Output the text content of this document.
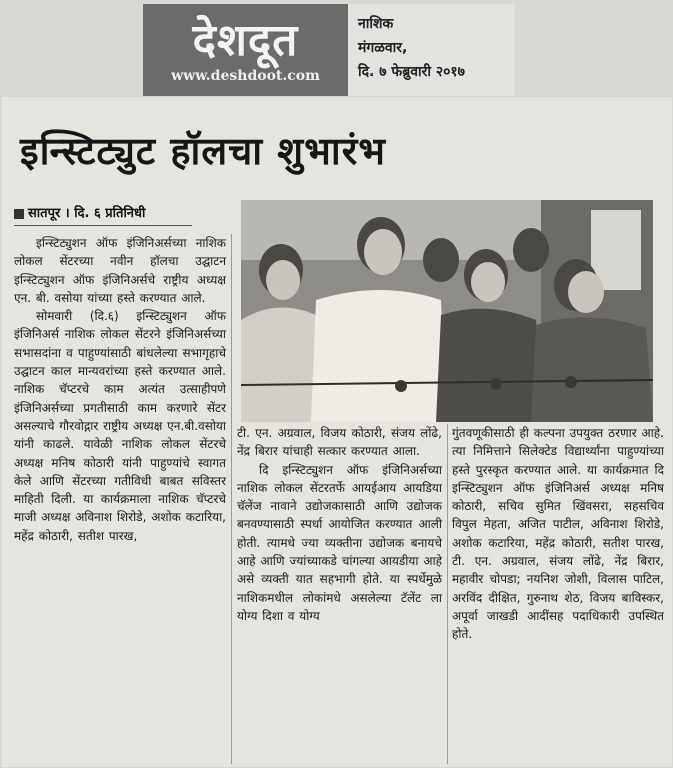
देशदूत
www.deshdoot.com
नाशिक
मंगळवार,
दि. ७ फेब्रुवारी २०१७
इन्स्टिट्युट हॉलचा शुभारंभ
सातपूर । दि. ६ प्रतिनिधी

इन्स्टिट्युशन ऑफ इंजिनिअर्सच्या नाशिक लोकल सेंटरच्या नवीन हॉलचा उद्घाटन इन्स्टिट्युशन ऑफ इंजिनिअर्सचे राष्ट्रीय अध्यक्ष एन. बी. वसोया यांच्या हस्ते करण्यात आले.

सोमवारी (दि.६) इन्स्टिट्युशन ऑफ इंजिनिअर्स नाशिक लोकल सेंटरने इंजिनिअर्सच्या सभासदांना व पाहुण्यांसाठी बांधलेल्या सभागृहाचे उद्घाटन काल मान्यवरांच्या हस्ते करण्यात आले. नाशिक चॅप्टरचे काम अत्यंत उत्साहीपणे इंजिनिअर्सच्या प्रगतीसाठी काम करणारे सेंटर असल्याचे गौरवोद्गार राष्ट्रीय अध्यक्ष एन.बी.वसोया यांनी काढले. यावेळी नाशिक लोकल सेंटरचे अध्यक्ष मनिष कोठारी यांनी पाहुण्यांचे स्वागत केले आणि सेंटरच्या गतीविधी बाबत सविस्तर माहिती दिली. या कार्यक्रमाला नाशिक चॅप्टरचे माजी अध्यक्ष अविनाश शिरोडे, अशोक कटारिया, महेंद्र कोठारी, सतीश पारख,

टी. एन. अग्रवाल, विजय कोठारी, संजय लोंढे, नेंद्र बिरार यांचाही सत्कार करण्यात आला.

दि इन्स्टिट्युशन ऑफ इंजिनिअर्सच्या नाशिक लोकल सेंटरतर्फे आयईआय आयडिया चॅलेंज नावाने उद्योजकासाठी आणि उद्योजक बनवण्यासाठी स्पर्धा आयोजित करण्यात आली होती. त्यामधे ज्या व्यक्तीना उद्योजक बनायचे आहे आणि ज्यांच्याकडे चांगल्या आयडीया आहे असे व्यक्ती यात सहभागी होते. या स्पर्धेमुळे नाशिकमधील लोकांमधे असलेल्या टॅलेंट ला योग्य दिशा व योग्य

गुंतवणूकीसाठी ही कल्पना उपयुक्त ठरणार आहे. त्या निमित्ताने सिलेक्टेड विद्यार्थ्यांना पाहुण्यांच्या हस्ते पुरस्कृत करण्यात आले. या कार्यक्रमात दि इन्स्टिट्युशन ऑफ इंजिनिअर्स अध्यक्ष मनिष कोठारी, सचिव सुमित खिंवसरा, सहसचिव विपुल मेहता, अजित पाटील, अविनाश शिरोडे, अशोक कटारिया, महेंद्र कोठारी, सतीश पारख, टी. एन. अग्रवाल, संजय लोंढे, नेंद्र बिरार, महावीर चोपडा; नयनिश जोशी, विलास पाटिल, अरविंद दीक्षित, गुरुनाथ शेठ, विजय बाविस्कर, अपूर्वा जाखडी आदींसह पदाधिकारी उपस्थित होते.
